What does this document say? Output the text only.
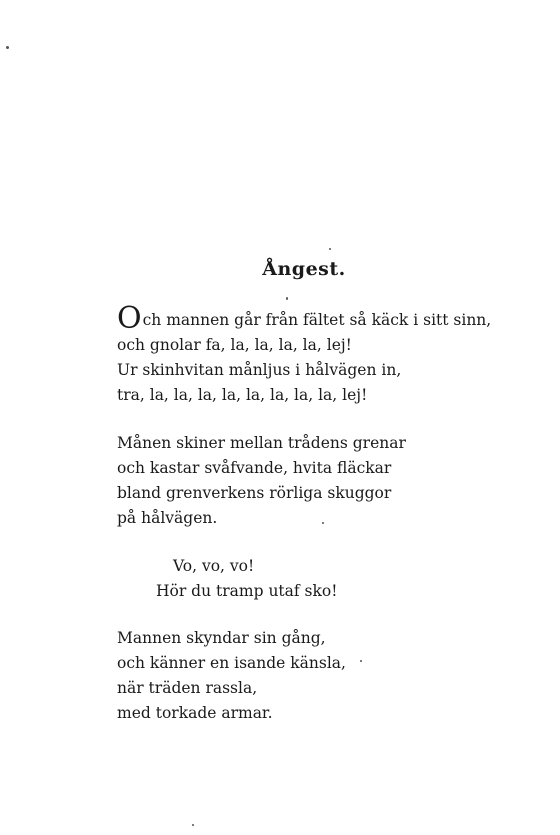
Ångest.
Och mannen går från fältet så käck i sitt sinn,
och gnolar fa, la, la, la, la, lej!
Ur skinhvitan månljus i hålvägen in,
tra, la, la, la, la, la, la, la, la, lej!
Månen skiner mellan trådens grenar
och kastar svåfvande, hvita fläckar
bland grenverkens rörliga skuggor
på hålvägen.
Vo, vo, vo!
Hör du tramp utaf sko!
Mannen skyndar sin gång,
och känner en isande känsla,
när träden rassla,
med torkade armar.
